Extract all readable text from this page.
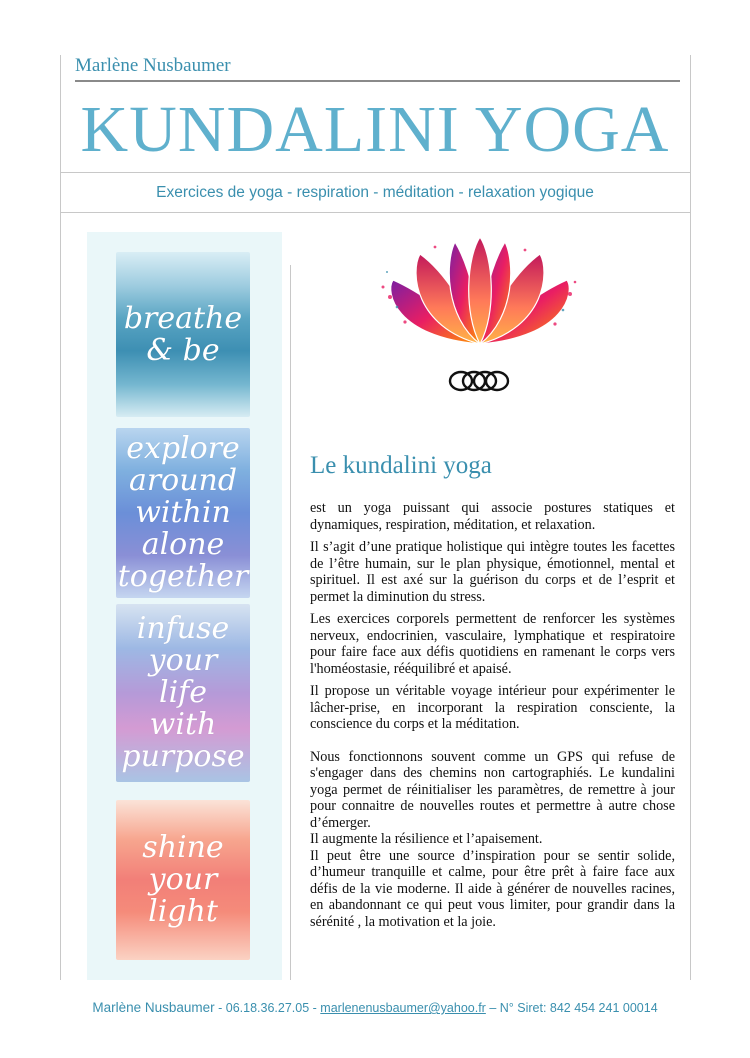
Marlène Nusbaumer
KUNDALINI YOGA
Exercices de yoga - respiration - méditation - relaxation yogique
breathe & be
explore around within alone together
infuse your life with purpose
shine your light
Le kundalini yoga

est un yoga puissant qui associe postures statiques et dynamiques, respiration, méditation, et relaxation.

Il s’agit d’une pratique holistique qui intègre toutes les facettes de l’être humain, sur le plan physique, émotionnel, mental et spirituel. Il est axé sur la guérison du corps et de l’esprit et permet la diminution du stress.

Les exercices corporels permettent de renforcer les systèmes nerveux, endocrinien, vasculaire, lymphatique et respiratoire pour faire face aux défis quotidiens en ramenant le corps vers l'homéostasie, rééquilibré et apaisé.

Il propose un véritable voyage intérieur pour expérimenter le lâcher-prise, en incorporant la respiration consciente, la conscience du corps et la méditation.

Nous fonctionnons souvent comme un GPS qui refuse de s'engager dans des chemins non cartographiés. Le kundalini yoga permet de réinitialiser les paramètres, de remettre à jour pour connaitre de nouvelles routes et permettre à autre chose d’émerger.

Il augmente la résilience et l’apaisement.

Il peut être une source d’inspiration pour se sentir solide, d’humeur tranquille et calme, pour être prêt à faire face aux défis de la vie moderne. Il aide à générer de nouvelles racines, en abandonnant ce qui peut vous limiter, pour grandir dans la sérénité , la motivation et la joie.

Marlène Nusbaumer - 06.18.36.27.05 - marlenenusbaumer@yahoo.fr – N° Siret: 842 454 241 00014
